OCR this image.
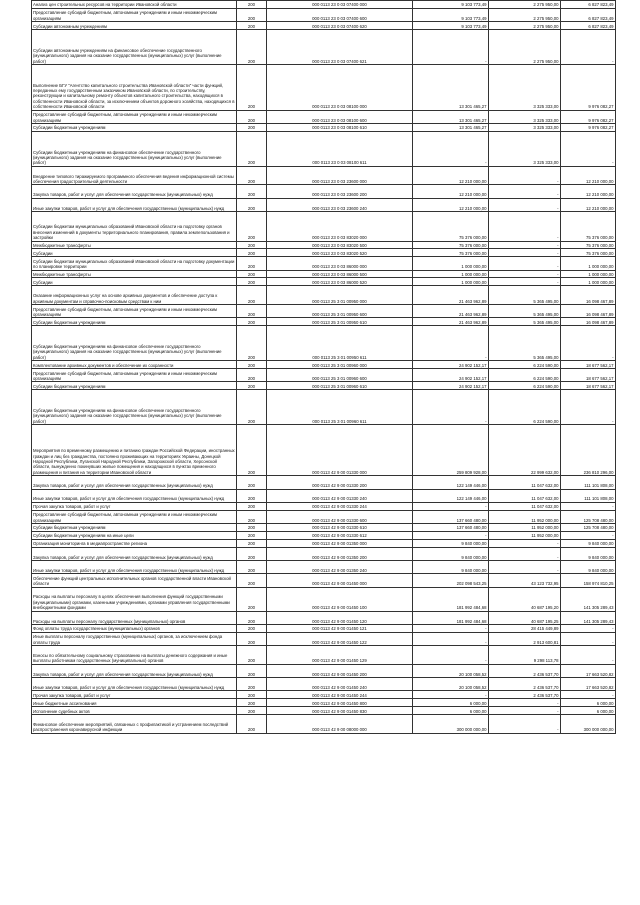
Анализ цен строительных ресурсов на территории Ивановской области	200	000 0113 23 0 03 07400 000	9 103 773,49	2 275 950,00	6 827 823,49
Предоставление субсидий бюджетным, автономным учреждениям и иным некоммерческим организациям	200	000 0113 23 0 03 07400 600	9 103 773,49	2 275 950,00	6 827 823,49
Субсидии автономным учреждениям	200	000 0113 23 0 03 07400 620	9 103 773,49	2 275 950,00	6 827 823,49
Субсидии автономным учреждениям на финансовое обеспечение государственного (муниципального) задания на оказание государственных (муниципальных) услуг (выполнение работ)	200	000 0113 23 0 03 07400 621	-	2 275 950,00	-
Выполнение БГУ "Агентство капитального строительства Ивановской области" части функций, переданных ему государственным заказчиком Ивановской области, по строительству, реконструкции и капитальному ремонту объектов капитального строительства, находящихся в собственности Ивановской области, за исключением объектов дорожного хозяйства, находящихся в собственности Ивановской области	200	000 0113 23 0 03 08100 000	13 301 465,27	3 325 333,00	9 976 082,27
Предоставление субсидий бюджетным, автономным учреждениям и иным некоммерческим организациям	200	000 0113 23 0 03 08100 600	13 301 465,27	3 325 333,00	9 976 082,27
Субсидии бюджетным учреждениям	200	000 0113 23 0 03 08100 610	13 301 465,27	3 325 333,00	9 976 082,27
Субсидии бюджетным учреждениям на финансовое обеспечение государственного (муниципального) задания на оказание государственных (муниципальных) услуг (выполнение работ)	200	000 0113 23 0 03 08100 611	-	3 325 333,00	-
Внедрение типового тиражируемого программного обеспечения ведения информационной системы обеспечения градостроительной деятельности	200	000 0113 23 0 03 23600 000	12 210 000,00	-	12 210 000,00
Закупка товаров, работ и услуг для обеспечения государственных (муниципальных) нужд	200	000 0113 23 0 03 23600 200	12 210 000,00	-	12 210 000,00
Иные закупки товаров, работ и услуг для обеспечения государственных (муниципальных) нужд	200	000 0113 23 0 03 23600 240	12 210 000,00	-	12 210 000,00
Субсидии бюджетам муниципальных образований Ивановской области на подготовку органов внесения изменений в документы территориального планирования, правила землепользования и застройки	200	000 0113 23 0 03 83020 000	75 376 000,00	-	75 376 000,00
Межбюджетные трансферты	200	000 0113 23 0 03 83020 500	75 376 000,00	-	75 376 000,00
Субсидии	200	000 0113 23 0 03 83020 520	75 376 000,00	-	75 376 000,00
Субсидии бюджетам муниципальных образований Ивановской области на подготовку документации по планировке территории	200	000 0113 23 0 03 86000 000	1 000 000,00	-	1 000 000,00
Межбюджетные трансферты	200	000 0113 23 0 03 86000 500	1 000 000,00	-	1 000 000,00
Субсидии	200	000 0113 23 0 03 86000 520	1 000 000,00	-	1 000 000,00
Оказание информационных услуг на основе архивных документов и обеспечение доступа к архивным документам и справочно-поисковым средствам к ним	200	000 0113 25 3 01 00950 000	21 463 962,89	5 365 495,00	16 098 467,89
Предоставление субсидий бюджетным, автономным учреждениям и иным некоммерческим организациям	200	000 0113 25 3 01 00950 600	21 463 962,89	5 365 495,00	16 098 467,89
Субсидии бюджетным учреждениям	200	000 0113 25 3 01 00950 610	21 463 962,89	5 365 495,00	16 098 467,89
Субсидии бюджетным учреждениям на финансовое обеспечение государственного (муниципального) задания на оказание государственных (муниципальных) услуг (выполнение работ)	200	000 0113 25 3 01 00950 611	-	5 365 495,00	-
Комплектование архивных документов и обеспечение их сохранности	200	000 0113 25 3 01 00960 000	24 902 152,17	6 224 590,00	18 677 562,17
Предоставление субсидий бюджетным, автономным учреждениям и иным некоммерческим организациям	200	000 0113 25 3 01 00960 600	24 902 152,17	6 224 590,00	18 677 562,17
Субсидии бюджетным учреждениям	200	000 0113 25 3 01 00960 610	24 902 152,17	6 224 590,00	18 677 562,17
Субсидии бюджетным учреждениям на финансовое обеспечение государственного (муниципального) задания на оказание государственных (муниципальных) услуг (выполнение работ)	200	000 0113 25 3 01 00960 611	-	6 224 590,00	-
Мероприятия по временному размещению и питанию граждан Российской Федерации, иностранных граждан и лиц без гражданства, постоянно проживающих на территориях Украины, Донецкой Народной Республики, Луганской Народной Республики, Запорожской области, Херсонской области, вынужденно покинувших жилые помещения и находящихся в пунктах временного размещения и питания на территории Ивановской области	200	000 0113 42 9 00 01330 000	259 809 928,00	22 999 632,00	236 810 296,00
Закупка товаров, работ и услуг для обеспечения государственных (муниципальных) нужд	200	000 0113 42 9 00 01330 200	122 149 446,00	11 047 632,00	111 101 808,00
Иные закупки товаров, работ и услуг для обеспечения государственных (муниципальных) нужд	200	000 0113 42 9 00 01330 240	122 149 446,00	11 047 632,00	111 101 808,00
Прочая закупка товаров, работ и услуг	200	000 0113 42 9 00 01330 244	-	11 047 632,00	-
Предоставление субсидий бюджетным, автономным учреждениям и иным некоммерческим организациям	200	000 0113 42 9 00 01330 600	137 660 480,00	11 952 000,00	125 708 480,00
Субсидии бюджетным учреждениям	200	000 0113 42 9 00 01330 610	137 660 480,00	11 952 000,00	125 708 480,00
Субсидии бюджетным учреждениям на иные цели	200	000 0113 42 9 00 01330 612	-	11 952 000,00	-
Организация мониторинга в медиапространстве региона	200	000 0113 42 9 00 01350 000	9 840 000,00	-	9 840 000,00
Закупка товаров, работ и услуг для обеспечения государственных (муниципальных) нужд	200	000 0113 42 9 00 01350 200	9 840 000,00	-	9 840 000,00
Иные закупки товаров, работ и услуг для обеспечения государственных (муниципальных) нужд	200	000 0113 42 9 00 01350 240	9 840 000,00	-	9 840 000,00
Обеспечение функций центральных исполнительных органов государственной власти Ивановской области	200	000 0113 42 9 00 01450 000	202 098 543,25	43 123 732,95	158 974 810,25
Расходы на выплаты персоналу в целях обеспечения выполнения функций государственными (муниципальными) органами, казенными учреждениями, органами управления государственными внебюджетными фондами	200	000 0113 42 9 00 01450 100	181 992 484,68	40 687 195,20	141 305 289,43
Расходы на выплаты персоналу государственных (муниципальных) органов	200	000 0113 42 9 00 01450 120	181 992 484,68	40 687 195,25	141 305 289,43
Фонд оплаты труда государственных (муниципальных) органов	200	000 0113 42 9 00 01450 121	-	28 415 449,89	-
Иные выплаты персоналу государственных (муниципальных) органов, за исключением фонда оплаты труда	200	000 0113 42 9 00 01450 122	-	2 913 600,81	-
Взносы по обязательному социальному страхованию на выплаты денежного содержания и иные выплаты работникам государственных (муниципальных) органов	200	000 0113 42 9 00 01450 129	-	9 298 113,78	-
Закупка товаров, работ и услуг для обеспечения государственных (муниципальных) нужд	200	000 0113 42 9 00 01450 200	20 100 058,52	2 436 537,70	17 663 520,82
Иные закупки товаров, работ и услуг для обеспечения государственных (муниципальных) нужд	200	000 0113 42 9 00 01450 240	20 100 058,52	2 436 537,70	17 663 520,82
Прочая закупка товаров, работ и услуг	200	000 0113 42 9 00 01450 244	-	2 436 537,70	-
Иные бюджетные ассигнования	200	000 0113 42 9 00 01450 800	6 000,00	-	6 000,00
Исполнение судебных актов	200	000 0113 42 9 00 01450 830	6 000,00	-	6 000,00
Финансовое обеспечение мероприятий, связанных с профилактикой и устранением последствий распространения коронавирусной инфекции	200	000 0113 42 9 00 08000 000	300 000 000,00	-	300 000 000,00
